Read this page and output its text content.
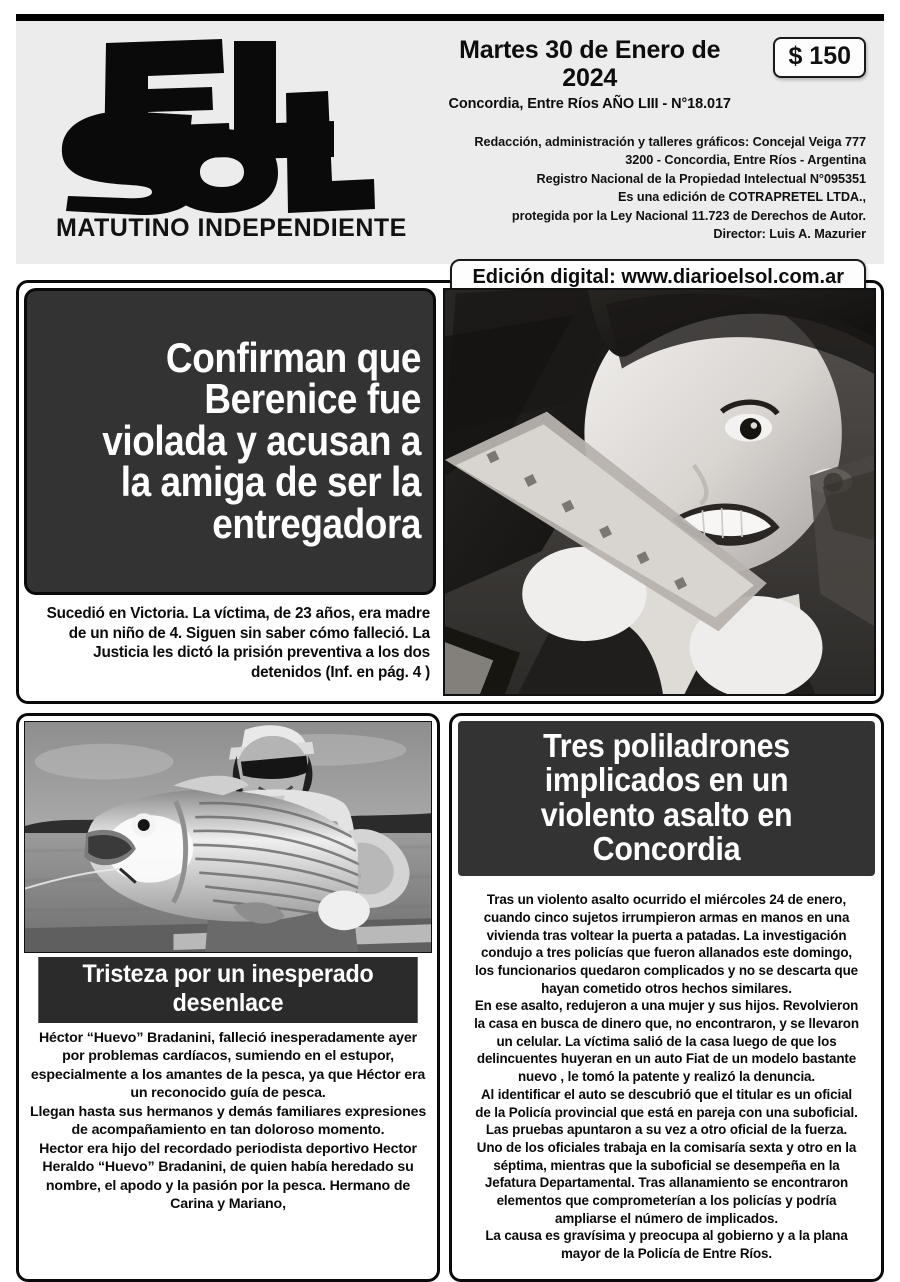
MATUTINO INDEPENDIENTE
Martes 30 de Enero de 2024
Concordia, Entre Ríos AÑO LIII - N°18.017
$ 150
Redacción, administración y talleres gráficos: Concejal Veiga 777
3200 - Concordia, Entre Ríos - Argentina
Registro Nacional de la Propiedad Intelectual N°095351
Es una edición de COTRAPRETEL LTDA.,
protegida por la Ley Nacional 11.723 de Derechos de Autor.
Director: Luis A. Mazurier
Edición digital: www.diarioelsol.com.ar
Confirman que Berenice fue violada y acusan a la amiga de ser la entregadora
Sucedió en Victoria. La víctima, de 23 años, era madre de un niño de 4. Siguen sin saber cómo falleció. La Justicia les dictó la prisión preventiva a los dos detenidos (Inf. en pág. 4 )
Tristeza por un inesperado desenlace

Héctor “Huevo” Bradanini, falleció inesperadamente ayer por problemas cardíacos, sumiendo en el estupor, especialmente a los amantes de la pesca, ya que Héctor era un reconocido guía de pesca.

Llegan hasta sus hermanos y demás familiares expresiones de acompañamiento en tan doloroso momento.

Hector era hijo del recordado periodista deportivo Hector Heraldo “Huevo” Bradanini, de quien había heredado su nombre, el apodo y la pasión por la pesca. Hermano de Carina y Mariano,

Tres poliladrones implicados en un violento asalto en Concordia

Tras un violento asalto ocurrido el miércoles 24 de enero, cuando cinco sujetos irrumpieron armas en manos en una vivienda tras voltear la puerta a patadas. La investigación condujo a tres policías que fueron allanados este domingo, los funcionarios quedaron complicados y no se descarta que hayan cometido otros hechos similares.

En ese asalto, redujeron a una mujer y sus hijos. Revolvieron la casa en busca de dinero que, no encontraron, y se llevaron un celular. La víctima salió de la casa luego de que los delincuentes huyeran en un auto Fiat de un modelo bastante nuevo , le tomó la patente y realizó la denuncia.

Al identificar el auto se descubrió que el titular es un oficial de la Policía provincial que está en pareja con una suboficial. Las pruebas apuntaron a su vez a otro oficial de la fuerza.

Uno de los oficiales trabaja en la comisaría sexta y otro en la séptima, mientras que la suboficial se desempeña en la Jefatura Departamental. Tras allanamiento se encontraron elementos que comprometerían a los policías y podría ampliarse el número de implicados.

La causa es gravísima y preocupa al gobierno y a la plana mayor de la Policía de Entre Ríos.
